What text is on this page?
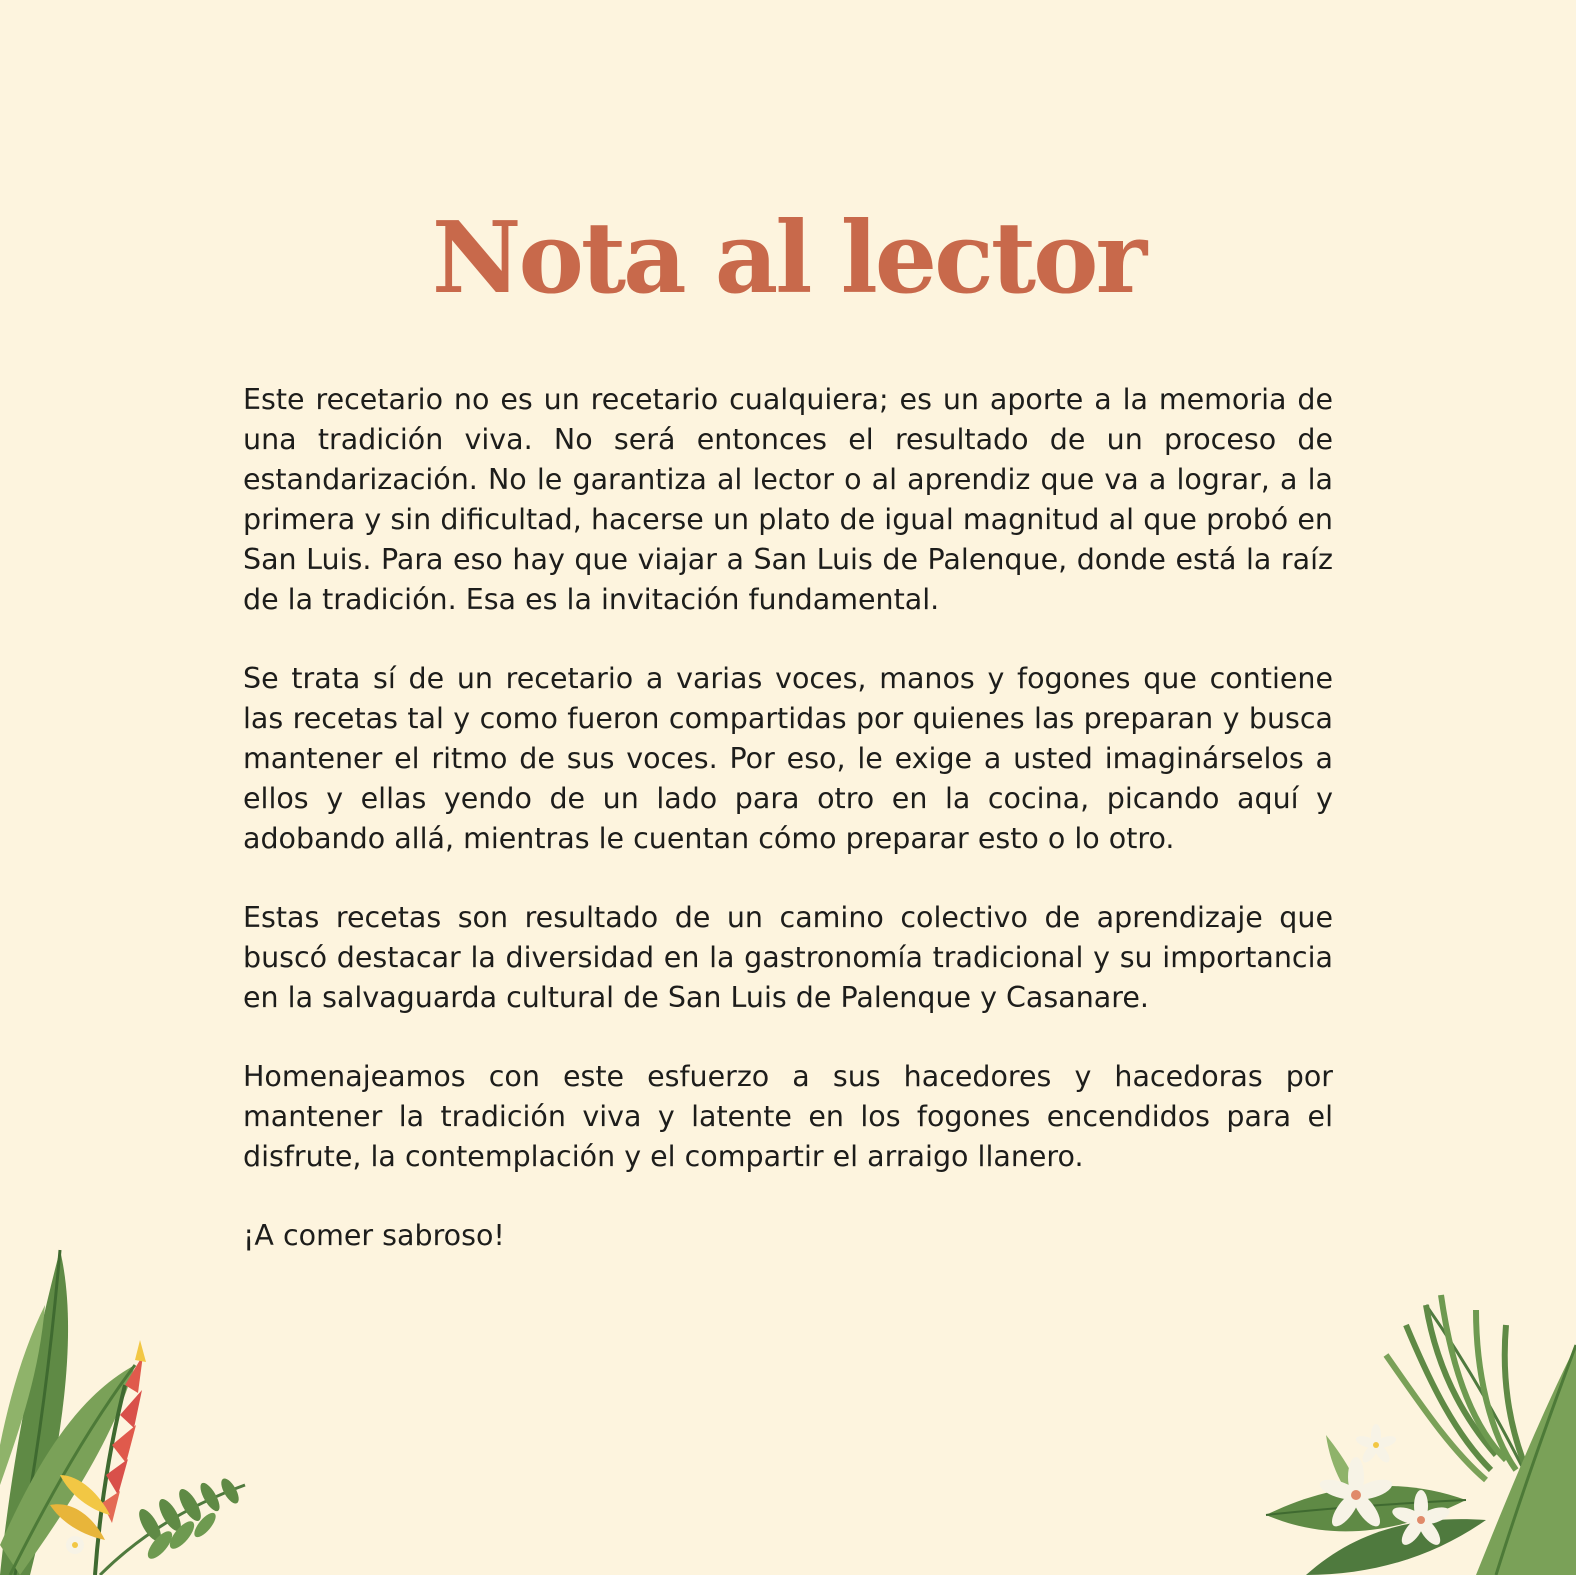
Nota al lector

Este recetario no es un recetario cualquiera; es un aporte a la memoria de una tradición viva. No será entonces el resultado de un proceso de estandarización. No le garantiza al lector o al aprendiz que va a lograr, a la primera y sin dificultad, hacerse un plato de igual magnitud al que probó en San Luis. Para eso hay que viajar a San Luis de Palenque, donde está la raíz de la tradición. Esa es la invitación fundamental.

Se trata sí de un recetario a varias voces, manos y fogones que contiene las recetas tal y como fueron compartidas por quienes las preparan y busca mantener el ritmo de sus voces. Por eso, le exige a usted imaginárselos a ellos y ellas yendo de un lado para otro en la cocina, picando aquí y adobando allá, mientras le cuentan cómo preparar esto o lo otro.

Estas recetas son resultado de un camino colectivo de aprendizaje que buscó destacar la diversidad en la gastronomía tradicional y su importancia en la salvaguarda cultural de San Luis de Palenque y Casanare.

Homenajeamos con este esfuerzo a sus hacedores y hacedoras por mantener la tradición viva y latente en los fogones encendidos para el disfrute, la contemplación y el compartir el arraigo llanero.

¡A comer sabroso!
